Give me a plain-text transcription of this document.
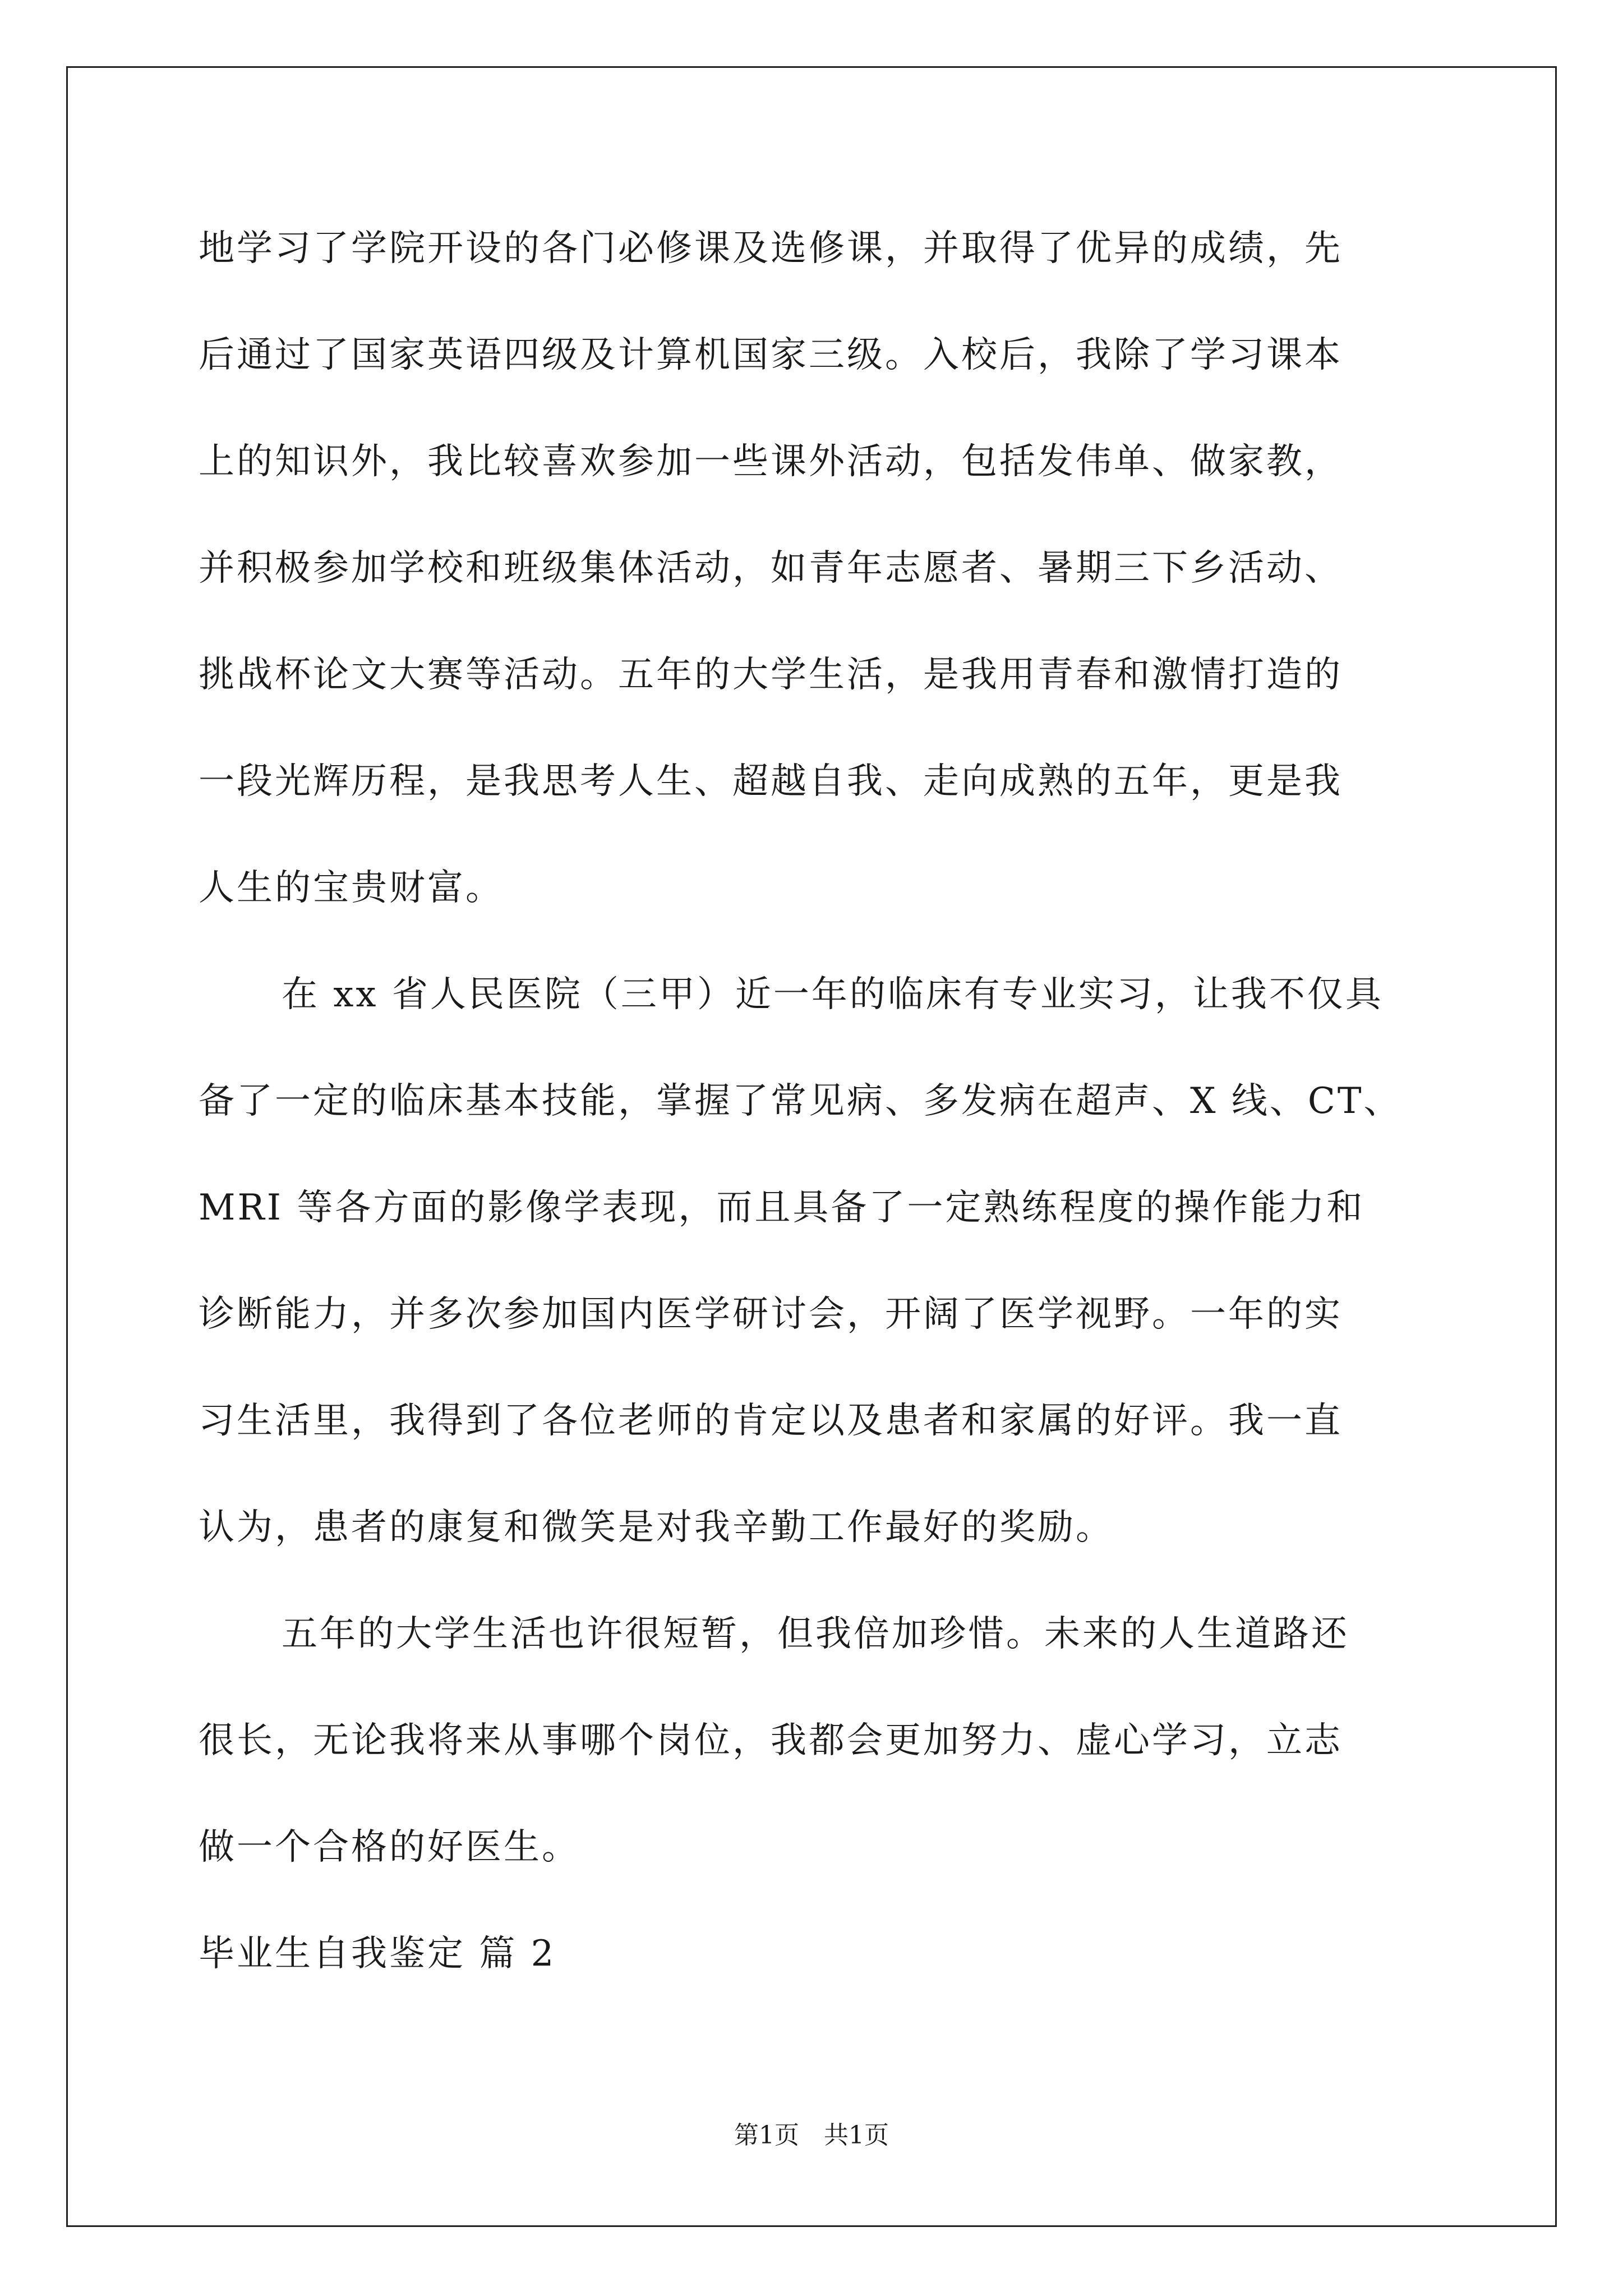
地学习了学院开设的各门必修课及选修课，并取得了优异的成绩，先
后通过了国家英语四级及计算机国家三级。入校后，我除了学习课本
上的知识外，我比较喜欢参加一些课外活动，包括发伟单、做家教，
并积极参加学校和班级集体活动，如青年志愿者、暑期三下乡活动、
挑战杯论文大赛等活动。五年的大学生活，是我用青春和激情打造的
一段光辉历程，是我思考人生、超越自我、走向成熟的五年，更是我
人生的宝贵财富。
在 xx 省人民医院（三甲）近一年的临床有专业实习，让我不仅具
备了一定的临床基本技能，掌握了常见病、多发病在超声、X 线、CT、
MRI 等各方面的影像学表现，而且具备了一定熟练程度的操作能力和
诊断能力，并多次参加国内医学研讨会，开阔了医学视野。一年的实
习生活里，我得到了各位老师的肯定以及患者和家属的好评。我一直
认为，患者的康复和微笑是对我辛勤工作最好的奖励。
五年的大学生活也许很短暂，但我倍加珍惜。未来的人生道路还
很长，无论我将来从事哪个岗位，我都会更加努力、虚心学习，立志
做一个合格的好医生。
毕业生自我鉴定 篇 2
第1页　共1页
